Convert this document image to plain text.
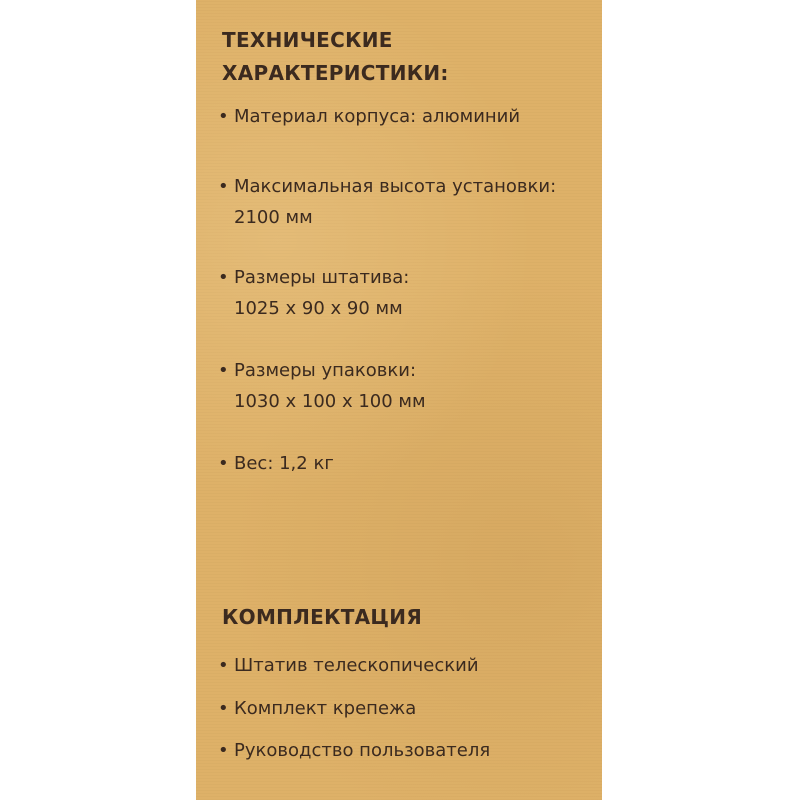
ТЕХНИЧЕСКИЕ
ХАРАКТЕРИСТИКИ:
• Материал корпуса: алюминий
• Максимальная высота установки:
2100 мм
• Размеры штатива:
1025 х 90 х 90 мм
• Размеры упаковки:
1030 х 100 х 100 мм
• Вес: 1,2 кг
КОМПЛЕКТАЦИЯ
• Штатив телескопический
• Комплект крепежа
• Руководство пользователя
